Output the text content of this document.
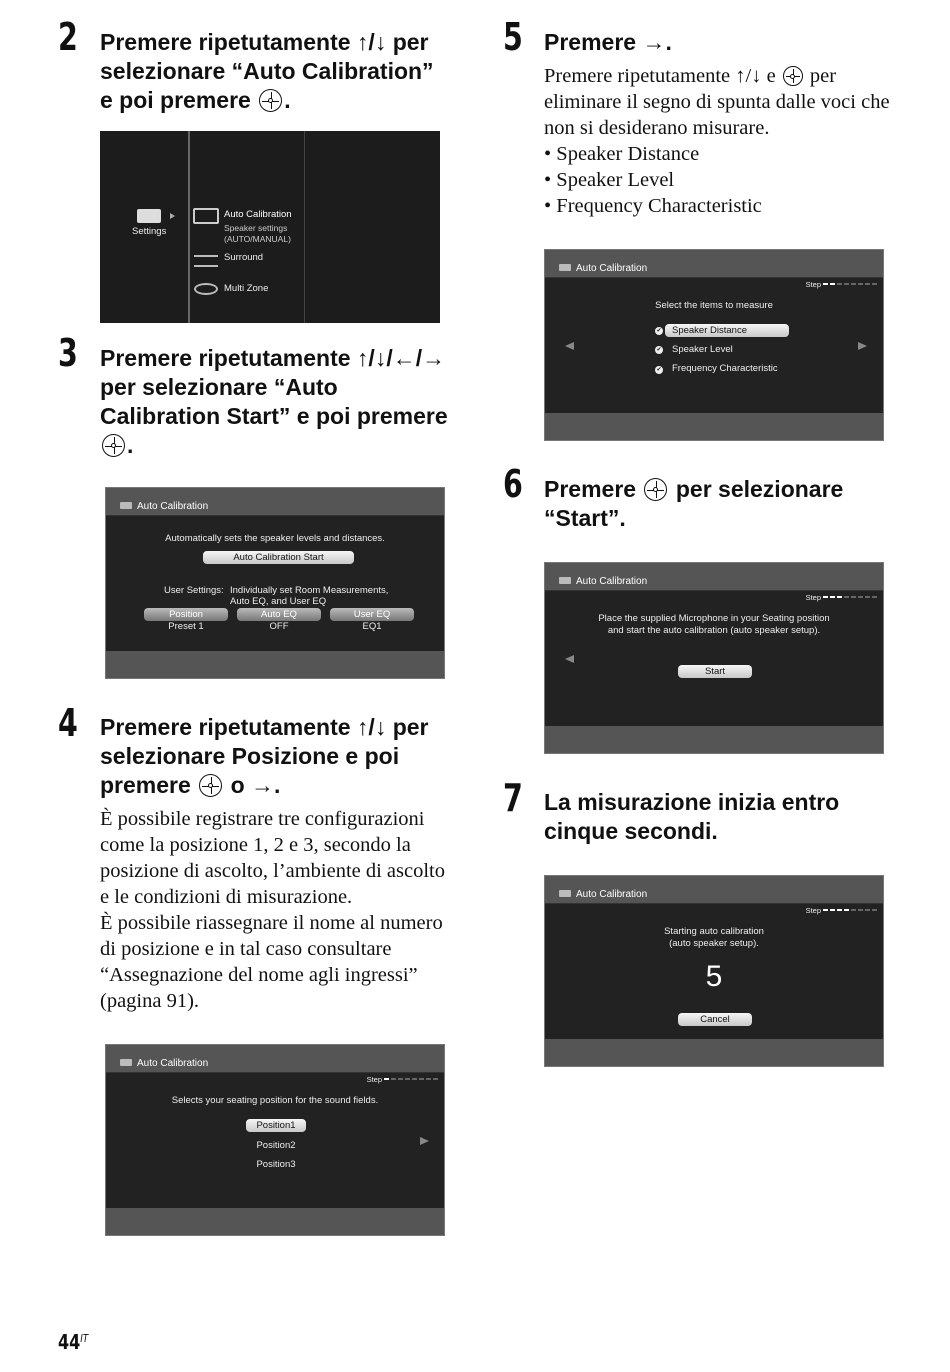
2 Premere ripetutamente ↑/↓ per
selezionare “Auto Calibration”
e poi premere .
Settings
Auto Calibration
Speaker settings
(AUTO/MANUAL)
Surround
Multi Zone
3 Premere ripetutamente ↑/↓/←/→
per selezionare “Auto
Calibration Start” e poi premere
.
Auto Calibration
Automatically sets the speaker levels and distances.
Auto Calibration Start
User Settings: Individually set Room Measurements,
Auto EQ, and User EQ
Position
Preset 1
Auto EQ
OFF
User EQ
EQ1
4 Premere ripetutamente ↑/↓ per
selezionare Posizione e poi
premere o →.
È possibile registrare tre configurazioni
come la posizione 1, 2 e 3, secondo la
posizione di ascolto, l’ambiente di ascolto
e le condizioni di misurazione.
È possibile riassegnare il nome al numero
di posizione e in tal caso consultare
“Assegnazione del nome agli ingressi”
(pagina 91).
Auto Calibration
Step
Selects your seating position for the sound fields.
Position1
Position2
Position3
5 Premere →.
Premere ripetutamente ↑/↓ e per
eliminare il segno di spunta dalle voci che
non si desiderano misurare.
• Speaker Distance
• Speaker Level
• Frequency Characteristic
Auto Calibration
Step
Select the items to measure
✔	Speaker Distance
✔ Speaker Level
✔ Frequency Characteristic
6 Premere per selezionare
“Start”.
Auto Calibration
Step
Place the supplied Microphone in your Seating position
and start the auto calibration (auto speaker setup).
Start
7 La misurazione inizia entro
cinque secondi.
Auto Calibration
Step
Starting auto calibration
(auto speaker setup).
5
Cancel
$44^{IT}$
